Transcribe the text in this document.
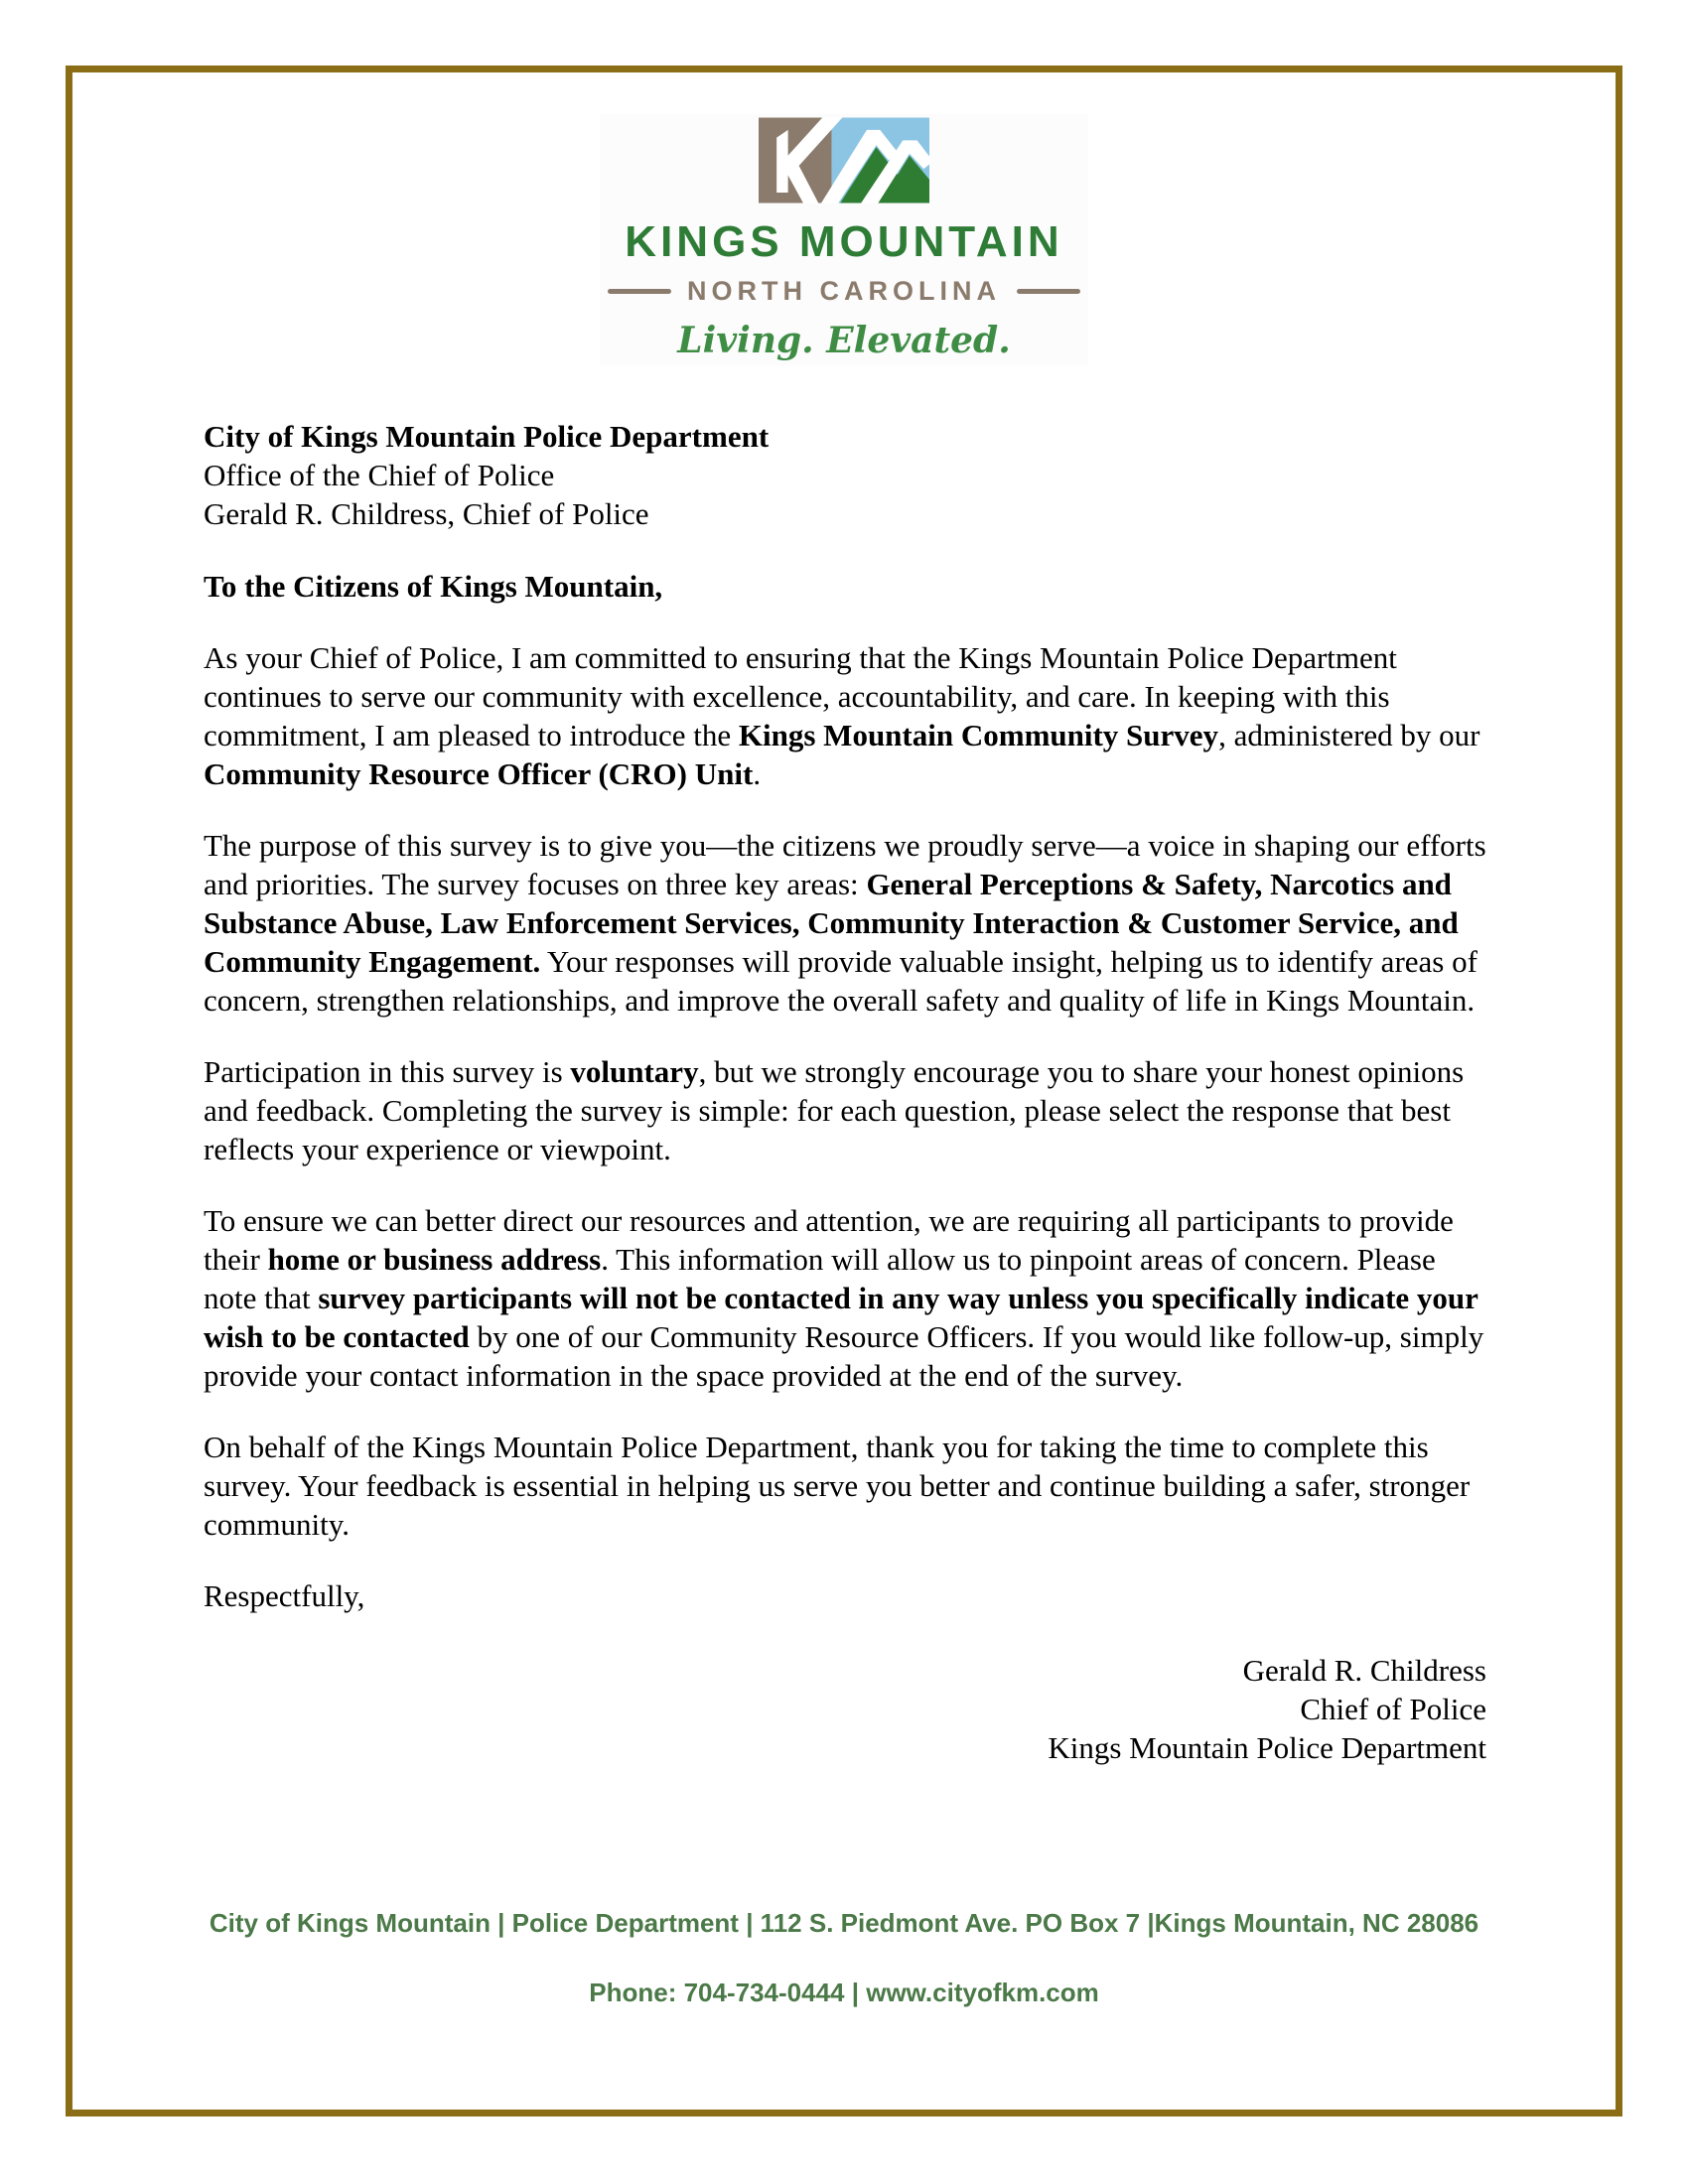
KINGS MOUNTAIN
NORTH CAROLINA
Living. Elevated.

City of Kings Mountain Police Department

Office of the Chief of Police

Gerald R. Childress, Chief of Police

To the Citizens of Kings Mountain,

As your Chief of Police, I am committed to ensuring that the Kings Mountain Police Department continues to serve our community with excellence, accountability, and care. In keeping with this commitment, I am pleased to introduce the Kings Mountain Community Survey, administered by our Community Resource Officer (CRO) Unit.

The purpose of this survey is to give you—the citizens we proudly serve—a voice in shaping our efforts and priorities. The survey focuses on three key areas: General Perceptions & Safety, Narcotics and Substance Abuse, Law Enforcement Services, Community Interaction & Customer Service, and Community Engagement. Your responses will provide valuable insight, helping us to identify areas of concern, strengthen relationships, and improve the overall safety and quality of life in Kings Mountain.

Participation in this survey is voluntary, but we strongly encourage you to share your honest opinions and feedback. Completing the survey is simple: for each question, please select the response that best reflects your experience or viewpoint.

To ensure we can better direct our resources and attention, we are requiring all participants to provide their home or business address. This information will allow us to pinpoint areas of concern. Please note that survey participants will not be contacted in any way unless you specifically indicate your wish to be contacted by one of our Community Resource Officers. If you would like follow-up, simply provide your contact information in the space provided at the end of the survey.

On behalf of the Kings Mountain Police Department, thank you for taking the time to complete this survey. Your feedback is essential in helping us serve you better and continue building a safer, stronger community.

Respectfully,

Gerald R. Childress

Chief of Police

Kings Mountain Police Department

City of Kings Mountain | Police Department | 112 S. Piedmont Ave. PO Box 7 |Kings Mountain, NC 28086

Phone: 704-734-0444 | www.cityofkm.com
